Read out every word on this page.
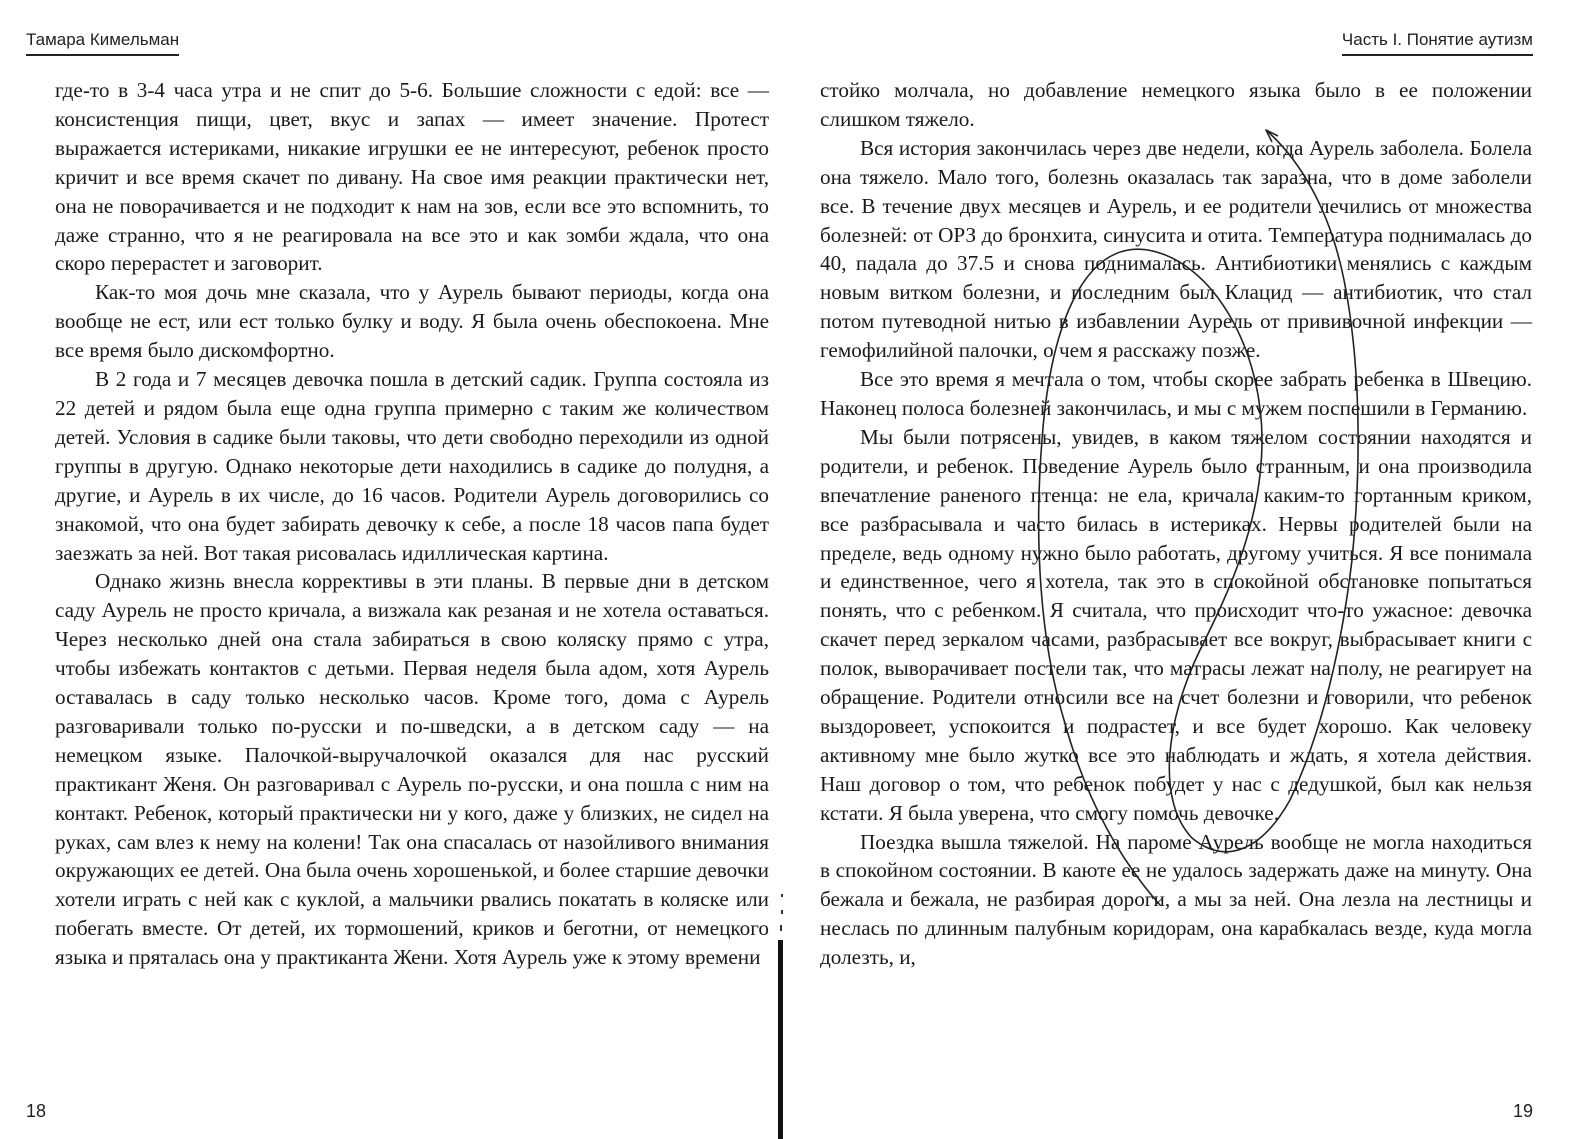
Тамара Кимельман

где-то в 3-4 часа утра и не спит до 5-6. Большие сложности с едой: все — консистенция пищи, цвет, вкус и запах — имеет значение. Протест выражается истериками, никакие игрушки ее не интересуют, ребенок просто кричит и все время скачет по дивану. На свое имя реакции практически нет, она не поворачивается и не подходит к нам на зов, если все это вспомнить, то даже странно, что я не реагировала на все это и как зомби ждала, что она скоро перерастет и заговорит.

Как-то моя дочь мне сказала, что у Аурель бывают периоды, когда она вообще не ест, или ест только булку и воду. Я была очень обеспокоена. Мне все время было дискомфортно.

В 2 года и 7 месяцев девочка пошла в детский садик. Группа состояла из 22 детей и рядом была еще одна группа примерно с таким же количеством детей. Условия в садике были таковы, что дети свободно переходили из одной группы в другую. Однако некоторые дети находились в садике до полудня, а другие, и Аурель в их числе, до 16 часов. Родители Аурель договорились со знакомой, что она будет забирать девочку к себе, а после 18 часов папа будет заезжать за ней. Вот такая рисовалась идиллическая картина.

Однако жизнь внесла коррективы в эти планы. В первые дни в детском саду Аурель не просто кричала, а визжала как резаная и не хотела оставаться. Через несколько дней она стала забираться в свою коляску прямо с утра, чтобы избежать контактов с детьми. Первая неделя была адом, хотя Аурель оставалась в саду только несколько часов. Кроме того, дома с Аурель разговаривали только по-русски и по-шведски, а в детском саду — на немецком языке. Палочкой-выручалочкой оказался для нас русский практикант Женя. Он разговаривал с Аурель по-русски, и она пошла с ним на контакт. Ребенок, который практически ни у кого, даже у близких, не сидел на руках, сам влез к нему на колени! Так она спасалась от назойливого внимания окружающих ее детей. Она была очень хорошенькой, и более старшие девочки хотели играть с ней как с куклой, а мальчики рвались покатать в коляске или побегать вместе. От детей, их тормошений, криков и беготни, от немецкого языка и пряталась она у практиканта Жени. Хотя Аурель уже к этому времени

18
Часть I. Понятие аутизм

стойко молчала, но добавление немецкого языка было в ее положении слишком тяжело.

Вся история закончилась через две недели, когда Аурель заболела. Болела она тяжело. Мало того, болезнь оказалась так заразна, что в доме заболели все. В течение двух месяцев и Аурель, и ее родители лечились от множества болезней: от ОРЗ до бронхита, синусита и отита. Температура поднималась до 40, падала до 37.5 и снова поднималась. Антибиотики менялись с каждым новым витком болезни, и последним был Клацид — антибиотик, что стал потом путеводной нитью в избавлении Аурель от прививочной инфекции — гемофилийной палочки, о чем я расскажу позже.

Все это время я мечтала о том, чтобы скорее забрать ребенка в Швецию. Наконец полоса болезней закончилась, и мы с мужем поспешили в Германию.

Мы были потрясены, увидев, в каком тяжелом состоянии находятся и родители, и ребенок. Поведение Аурель было странным, и она производила впечатление раненого птенца: не ела, кричала каким-то гортанным криком, все разбрасывала и часто билась в истериках. Нервы родителей были на пределе, ведь одному нужно было работать, другому учиться. Я все понимала и единственное, чего я хотела, так это в спокойной обстановке попытаться понять, что с ребенком. Я считала, что происходит что-то ужасное: девочка скачет перед зеркалом часами, разбрасывает все вокруг, выбрасывает книги с полок, выворачивает постели так, что матрасы лежат на полу, не реагирует на обращение. Родители относили все на счет болезни и говорили, что ребенок выздоровеет, успокоится и подрастет, и все будет хорошо. Как человеку активному мне было жутко все это наблюдать и ждать, я хотела действия. Наш договор о том, что ребенок побудет у нас с дедушкой, был как нельзя кстати. Я была уверена, что смогу помочь девочке.

Поездка вышла тяжелой. На пароме Аурель вообще не могла находиться в спокойном состоянии. В каюте ее не удалось задержать даже на минуту. Она бежала и бежала, не разбирая дороги, а мы за ней. Она лезла на лестницы и неслась по длинным палубным коридорам, она карабкалась везде, куда могла долезть, и,

19
